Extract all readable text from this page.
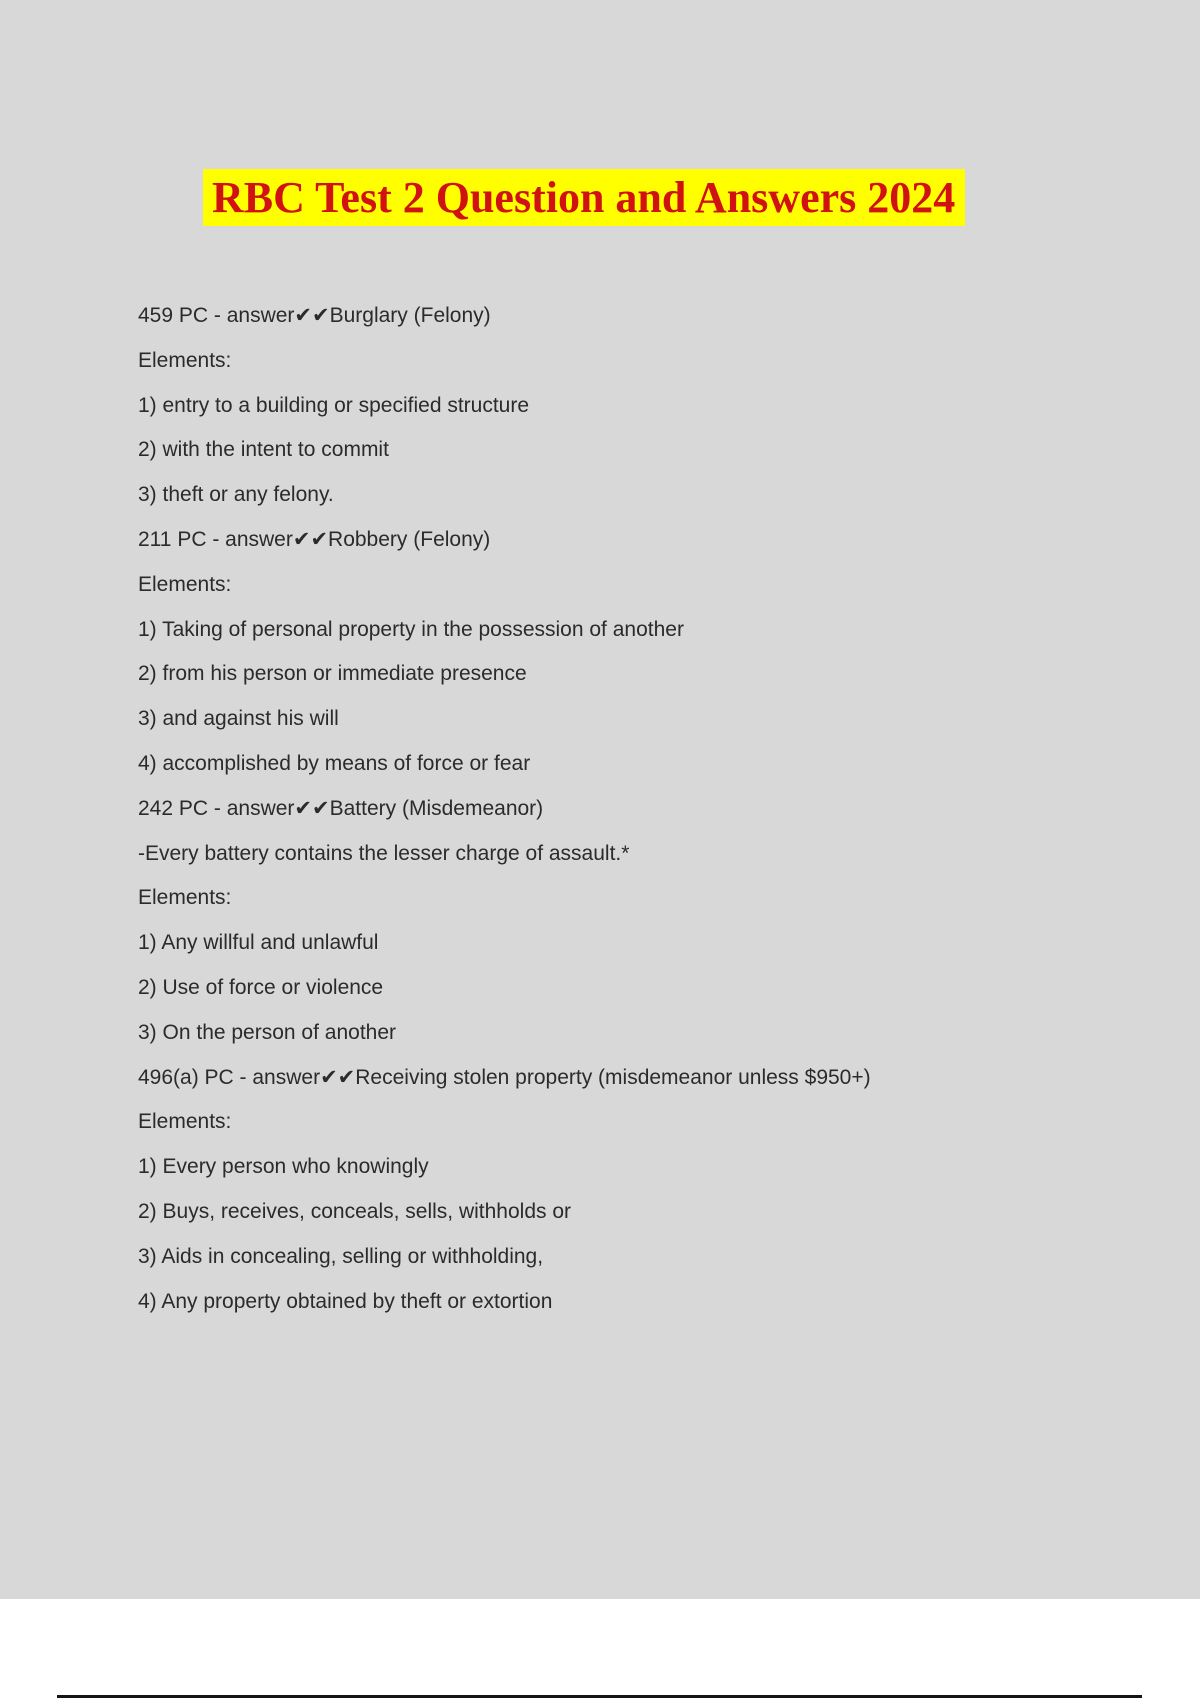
RBC Test 2 Question and Answers 2024

459 PC - answer✔✔Burglary (Felony)

Elements:

1) entry to a building or specified structure

2) with the intent to commit

3) theft or any felony.

211 PC - answer✔✔Robbery (Felony)

Elements:

1) Taking of personal property in the possession of another

2) from his person or immediate presence

3) and against his will

4) accomplished by means of force or fear

242 PC - answer✔✔Battery (Misdemeanor)

-Every battery contains the lesser charge of assault.*

Elements:

1) Any willful and unlawful

2) Use of force or violence

3) On the person of another

496(a) PC - answer✔✔Receiving stolen property (misdemeanor unless $950+)

Elements:

1) Every person who knowingly

2) Buys, receives, conceals, sells, withholds or

3) Aids in concealing, selling or withholding,

4) Any property obtained by theft or extortion
